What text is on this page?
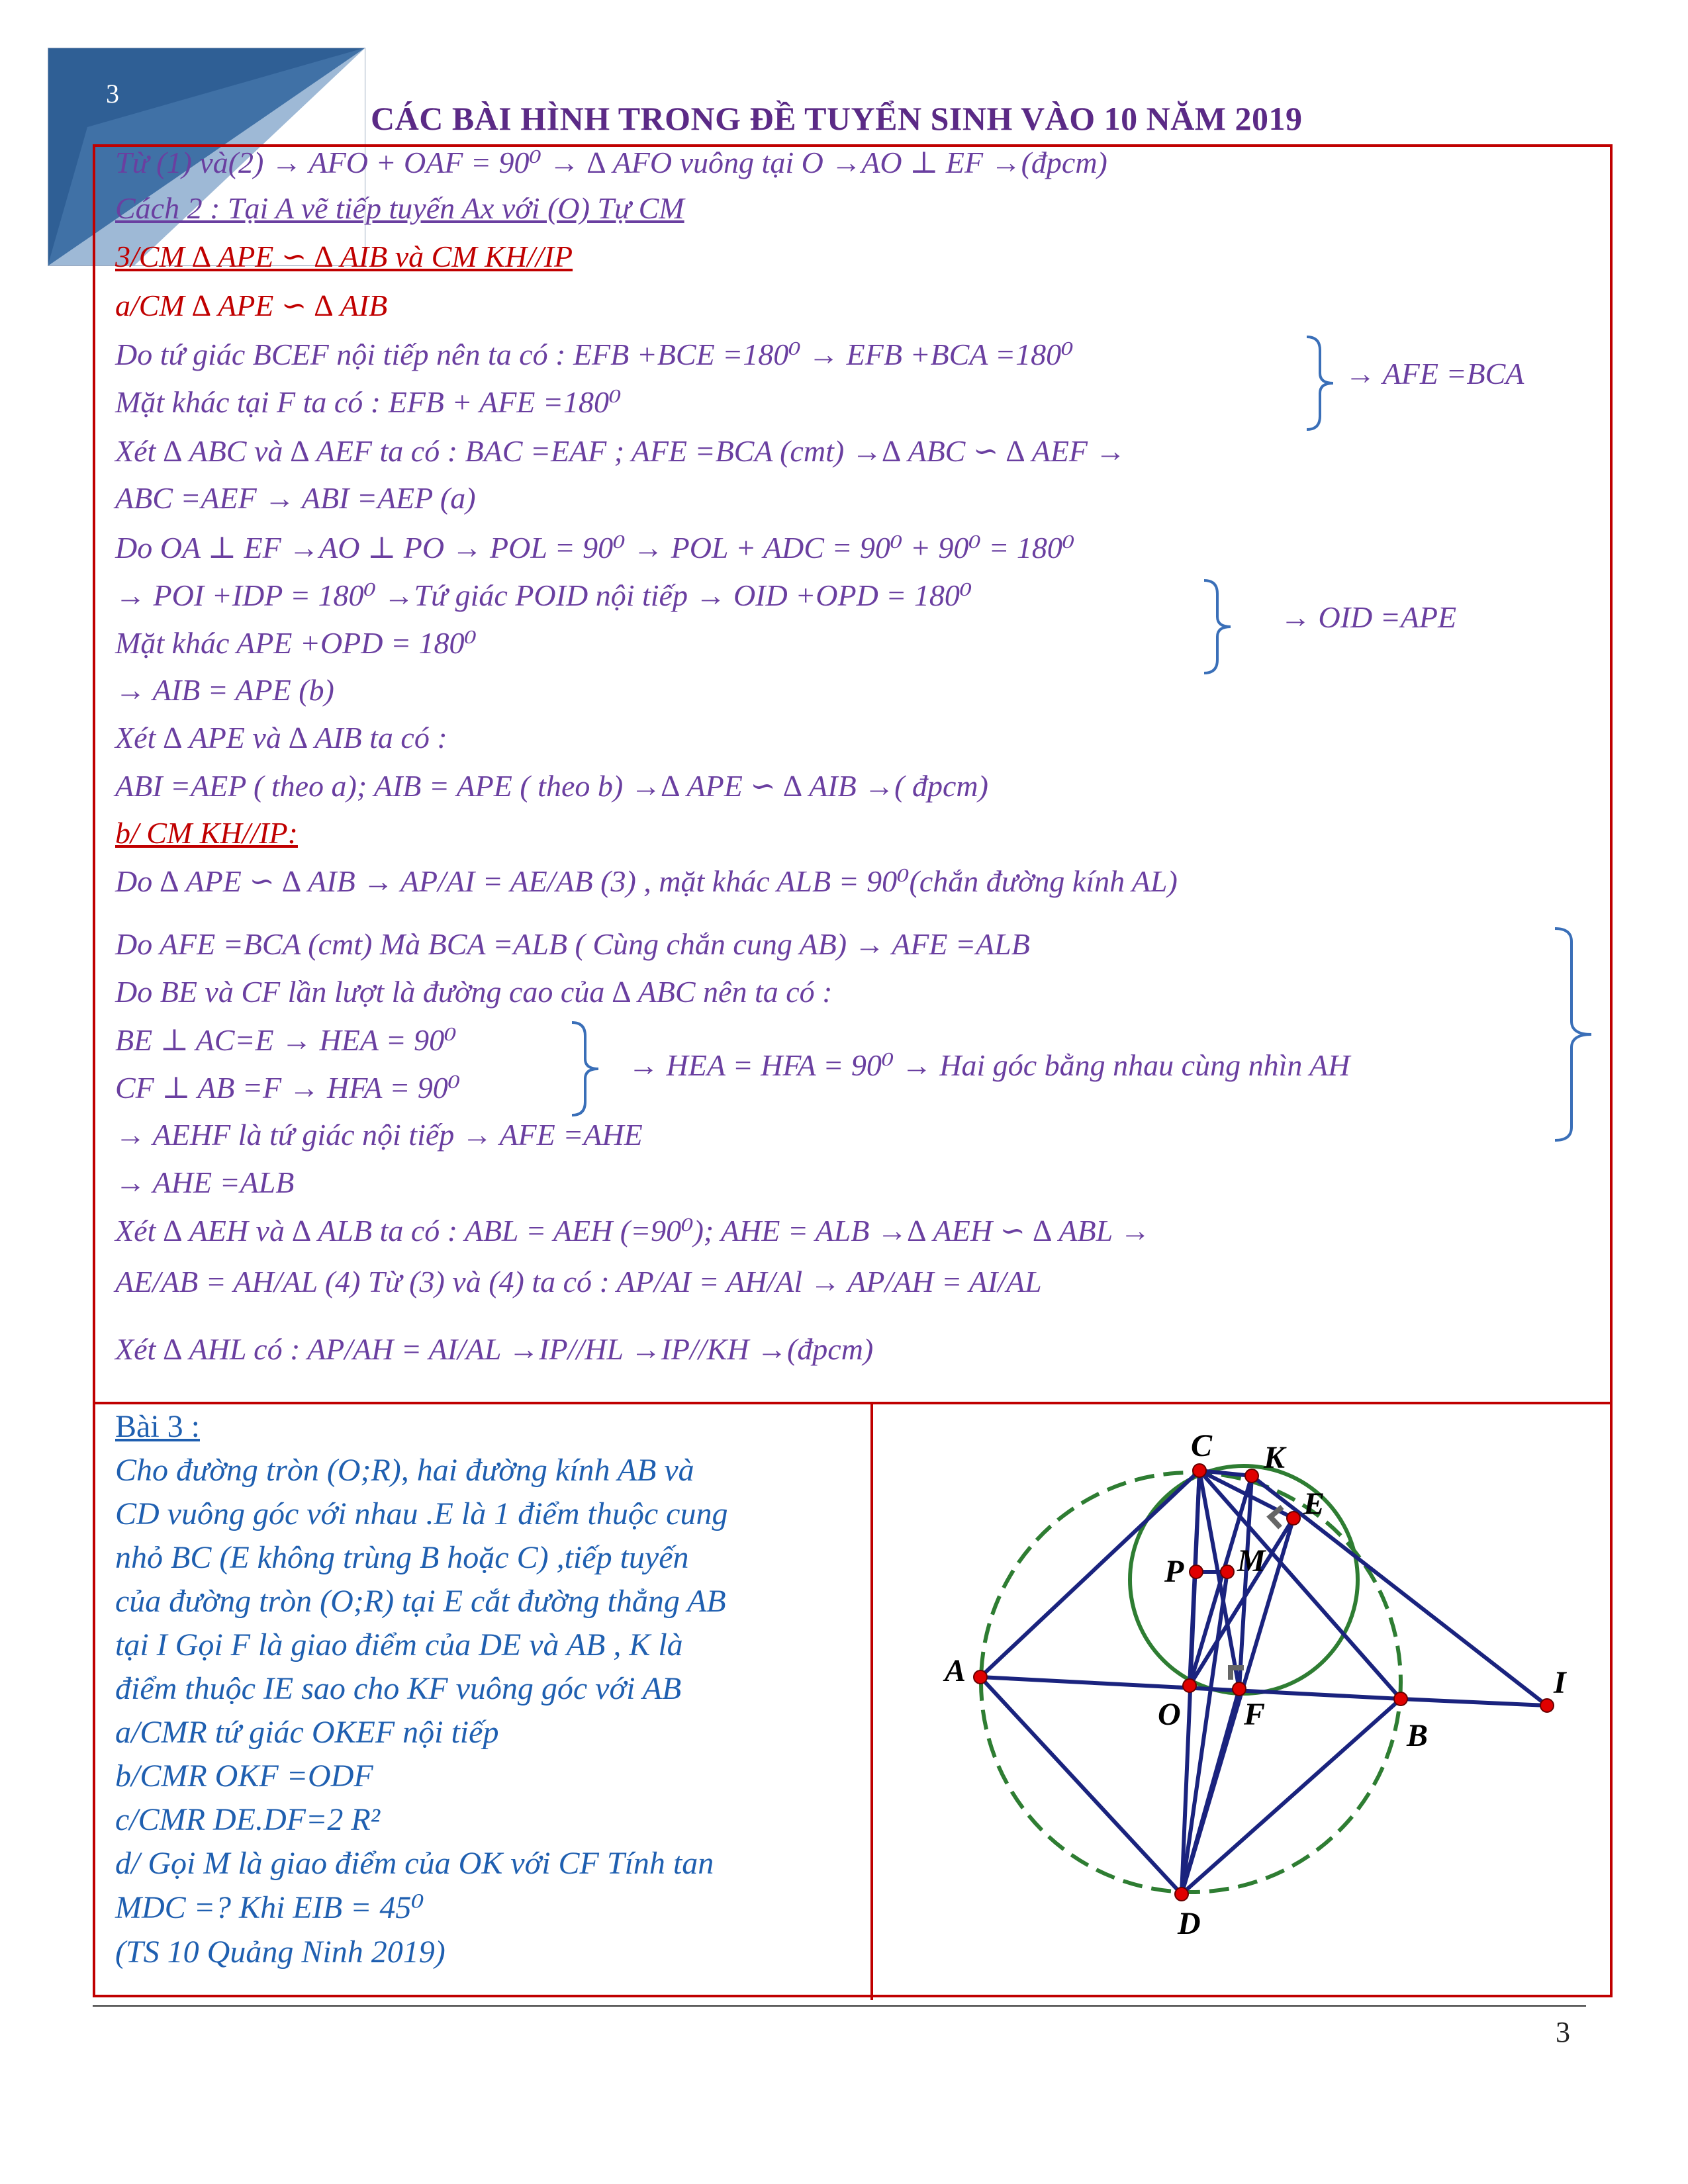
3
CÁC BÀI HÌNH TRONG ĐỀ TUYỂN SINH VÀO 10 NĂM 2019
Từ (1) và(2) → AFO + OAF = 90⁰ → ∆ AFO vuông tại O →AO ⊥ EF →(đpcm)
Cách 2 : Tại A vẽ tiếp tuyến Ax với (O) Tự CM
3/CM ∆ APE ∽ ∆ AIB và CM KH//IP
a/CM ∆ APE ∽ ∆ AIB
Do tứ giác BCEF nội tiếp nên ta có : EFB +BCE =180⁰ → EFB +BCA =180⁰
Mặt khác tại F ta có : EFB + AFE =180⁰
Xét ∆ ABC và ∆ AEF ta có : BAC =EAF ; AFE =BCA (cmt) →∆ ABC ∽ ∆ AEF →
ABC =AEF → ABI =AEP (a)
Do OA ⊥ EF →AO ⊥ PO → POL = 90⁰ → POL + ADC = 90⁰ + 90⁰ = 180⁰
→ POI +IDP = 180⁰ →Tứ giác POID nội tiếp → OID +OPD = 180⁰
Mặt khác APE +OPD = 180⁰
→ AIB = APE (b)
Xét ∆ APE và ∆ AIB ta có :
ABI =AEP ( theo a); AIB = APE ( theo b) →∆ APE ∽ ∆ AIB →( đpcm)
b/ CM KH//IP:
Do ∆ APE ∽ ∆ AIB → AP/AI = AE/AB (3) , mặt khác ALB = 90⁰(chắn đường kính AL)
Do AFE =BCA (cmt) Mà BCA =ALB ( Cùng chắn cung AB) → AFE =ALB
Do BE và CF lần lượt là đường cao của ∆ ABC nên ta có :
BE ⊥ AC=E → HEA = 90⁰
CF ⊥ AB =F → HFA = 90⁰
→ AEHF là tứ giác nội tiếp → AFE =AHE
→ AHE =ALB
Xét ∆ AEH và ∆ ALB ta có : ABL = AEH (=90⁰); AHE = ALB →∆ AEH ∽ ∆ ABL →
AE/AB = AH/AL (4) Từ (3) và (4) ta có : AP/AI = AH/Al → AP/AH = AI/AL
Xét ∆ AHL có : AP/AH = AI/AL →IP//HL →IP//KH →(đpcm)
→ AFE =BCA
→ OID =APE
→ HEA = HFA = 90⁰ → Hai góc bằng nhau cùng nhìn AH
Bài 3 :
Cho đường tròn (O;R), hai đường kính AB và
CD vuông góc với nhau .E là 1 điểm thuộc cung
nhỏ BC (E không trùng B hoặc C) ,tiếp tuyến
của đường tròn (O;R) tại E cắt đường thẳng AB
tại I Gọi F là giao điểm của DE và AB , K là
điểm thuộc IE sao cho KF vuông góc với AB
a/CMR tứ giác OKEF nội tiếp
b/CMR OKF =ODF
c/CMR DE.DF=2 R²
d/ Gọi M là giao điểm của OK với CF Tính tan
MDC =? Khi EIB = 45⁰
(TS 10 Quảng Ninh 2019)
C K
E
P M
A
O F
B
I
D
3
